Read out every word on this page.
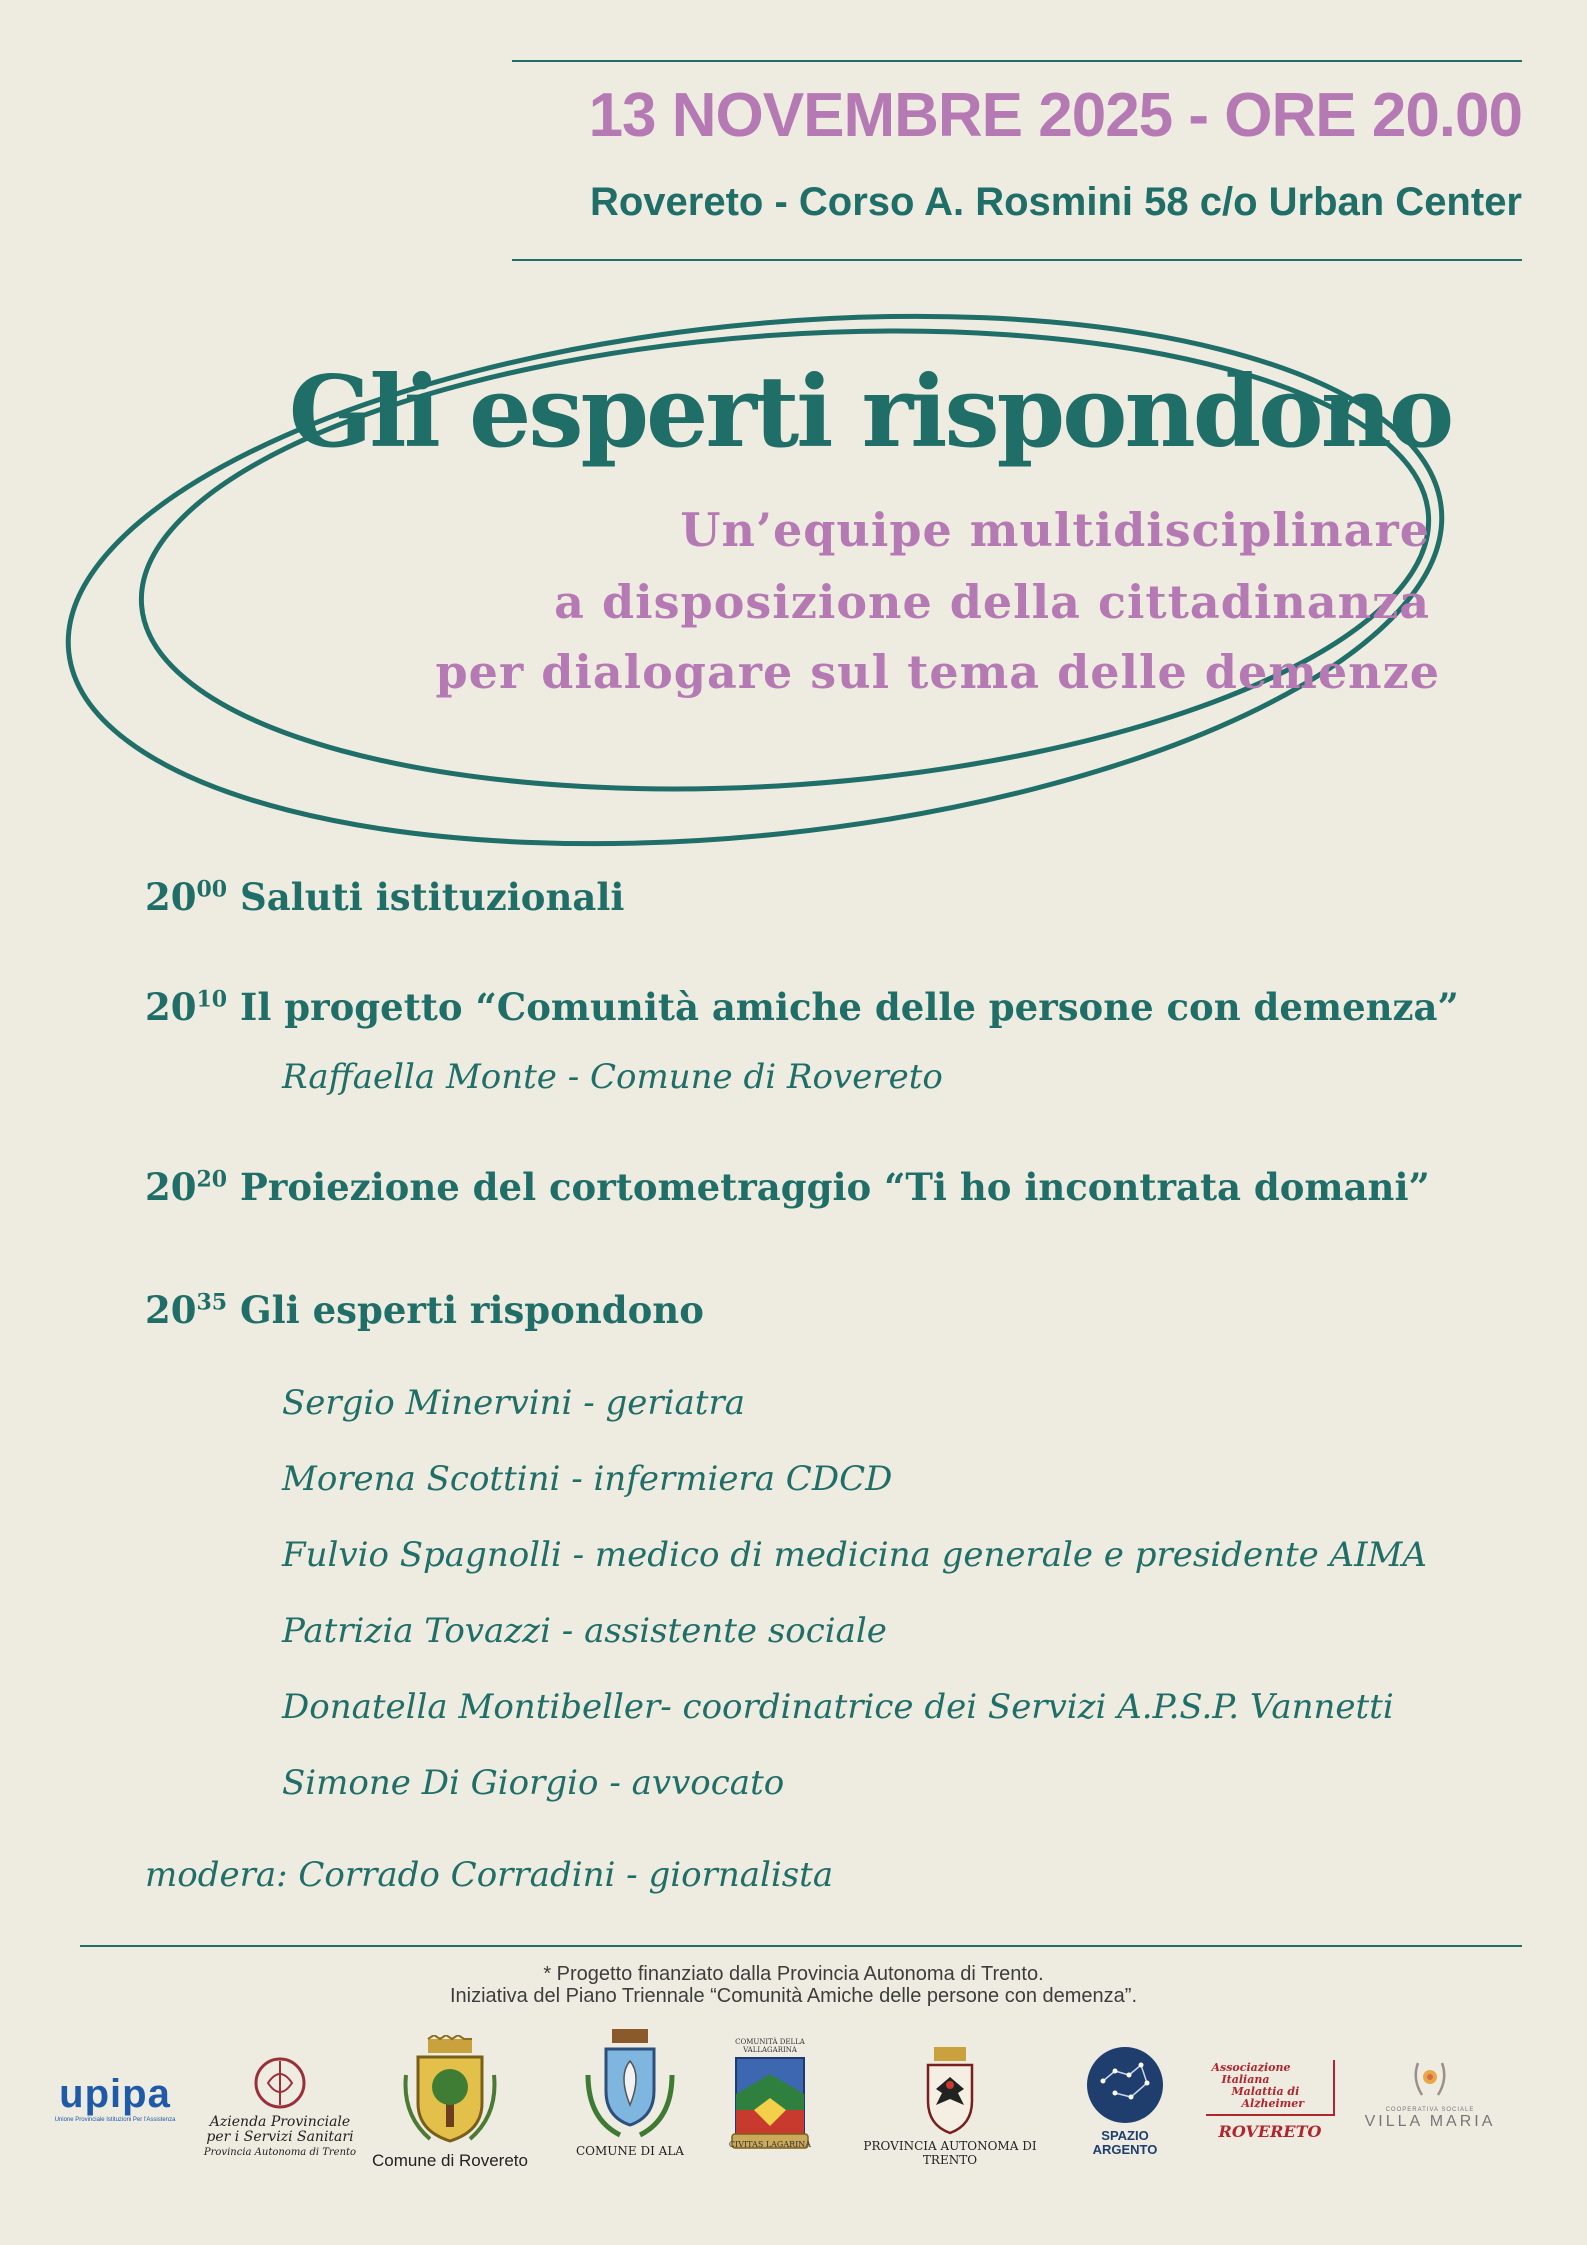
13 NOVEMBRE 2025 - ORE 20.00
Rovereto - Corso A. Rosmini 58 c/o Urban Center
Gli esperti rispondono
Un’equipe multidisciplinare
a disposizione della cittadinanza
per dialogare sul tema delle demenze
$20^{00}$ Saluti istituzionali
$20^{10}$ Il progetto “Comunità amiche delle persone con demenza”
Raffaella Monte - Comune di Rovereto
$20^{20}$ Proiezione del cortometraggio “Ti ho incontrata domani”
$20^{35}$ Gli esperti rispondono
Sergio Minervini - geriatra
Morena Scottini - infermiera CDCD
Fulvio Spagnolli - medico di medicina generale e presidente AIMA
Patrizia Tovazzi - assistente sociale
Donatella Montibeller- coordinatrice dei Servizi A.P.S.P. Vannetti
Simone Di Giorgio - avvocato
modera: Corrado Corradini - giornalista
* Progetto finanziato dalla Provincia Autonoma di Trento.
Iniziativa del Piano Triennale “Comunità Amiche delle persone con demenza”.
upipa
Unione Provinciale Istituzioni Per l'Assistenza	Azienda Provinciale
per i Servizi Sanitari
Provincia Autonoma di Trento Comune di Rovereto	COMUNE DI ALA
COMUNITÀ DELLA VALLAGARINA
CIVITAS LAGARINA	PROVINCIA AUTONOMA DI TRENTO
SPAZIO
ARGENTO
Associazione
Italiana
Malattia di
Alzheimer
ROVERETO
COOPERATIVA SOCIALE
VILLA MARIA
